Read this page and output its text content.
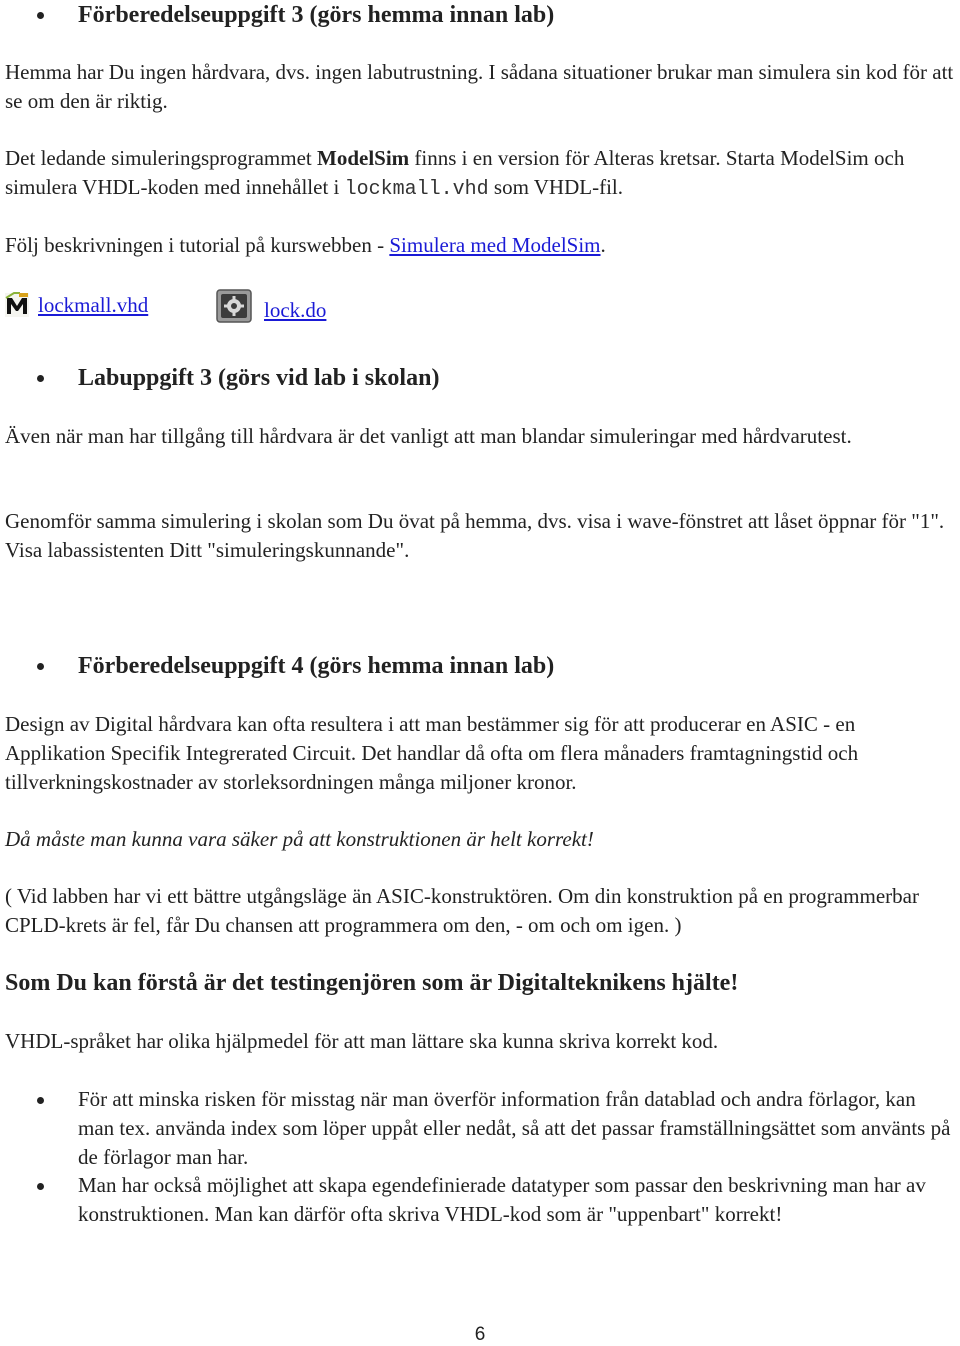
Förberedelseuppgift 3 (görs hemma innan lab)

Hemma har Du ingen hårdvara, dvs. ingen labutrustning. I sådana situationer brukar man simulera sin kod för att se om den är riktig.

Det ledande simuleringsprogrammet ModelSim finns i en version för Alteras kretsar. Starta ModelSim och simulera VHDL-koden med innehållet i lockmall.vhd som VHDL-fil.

Följ beskrivningen i tutorial på kurswebben - Simulera med ModelSim.

lockmall.vhd	lock.do
Labuppgift 3 (görs vid lab i skolan)

Även när man har tillgång till hårdvara är det vanligt att man blandar simuleringar med hårdvarutest.

Genomför samma simulering i skolan som Du övat på hemma, dvs. visa i wave-fönstret att låset öppnar för "1". Visa labassistenten Ditt "simuleringskunnande".

Förberedelseuppgift 4 (görs hemma innan lab)

Design av Digital hårdvara kan ofta resultera i att man bestämmer sig för att producerar en ASIC - en Applikation Specifik Integrerated Circuit. Det handlar då ofta om flera månaders framtagningstid och tillverkningskostnader av storleksordningen många miljoner kronor.

Då måste man kunna vara säker på att konstruktionen är helt korrekt!

( Vid labben har vi ett bättre utgångsläge än ASIC-konstruktören. Om din konstruktion på en programmerbar CPLD-krets är fel, får Du chansen att programmera om den, - om och om igen. )

Som Du kan förstå är det testingenjören som är Digitalteknikens hjälte!

VHDL-språket har olika hjälpmedel för att man lättare ska kunna skriva korrekt kod.

För att minska risken för misstag när man överför information från datablad och andra förlagor, kan man tex. använda index som löper uppåt eller nedåt, så att det passar framställningsättet som använts på de förlagor man har.
Man har också möjlighet att skapa egendefinierade datatyper som passar den beskrivning man har av konstruktionen. Man kan därför ofta skriva VHDL-kod som är "uppenbart" korrekt!
6
